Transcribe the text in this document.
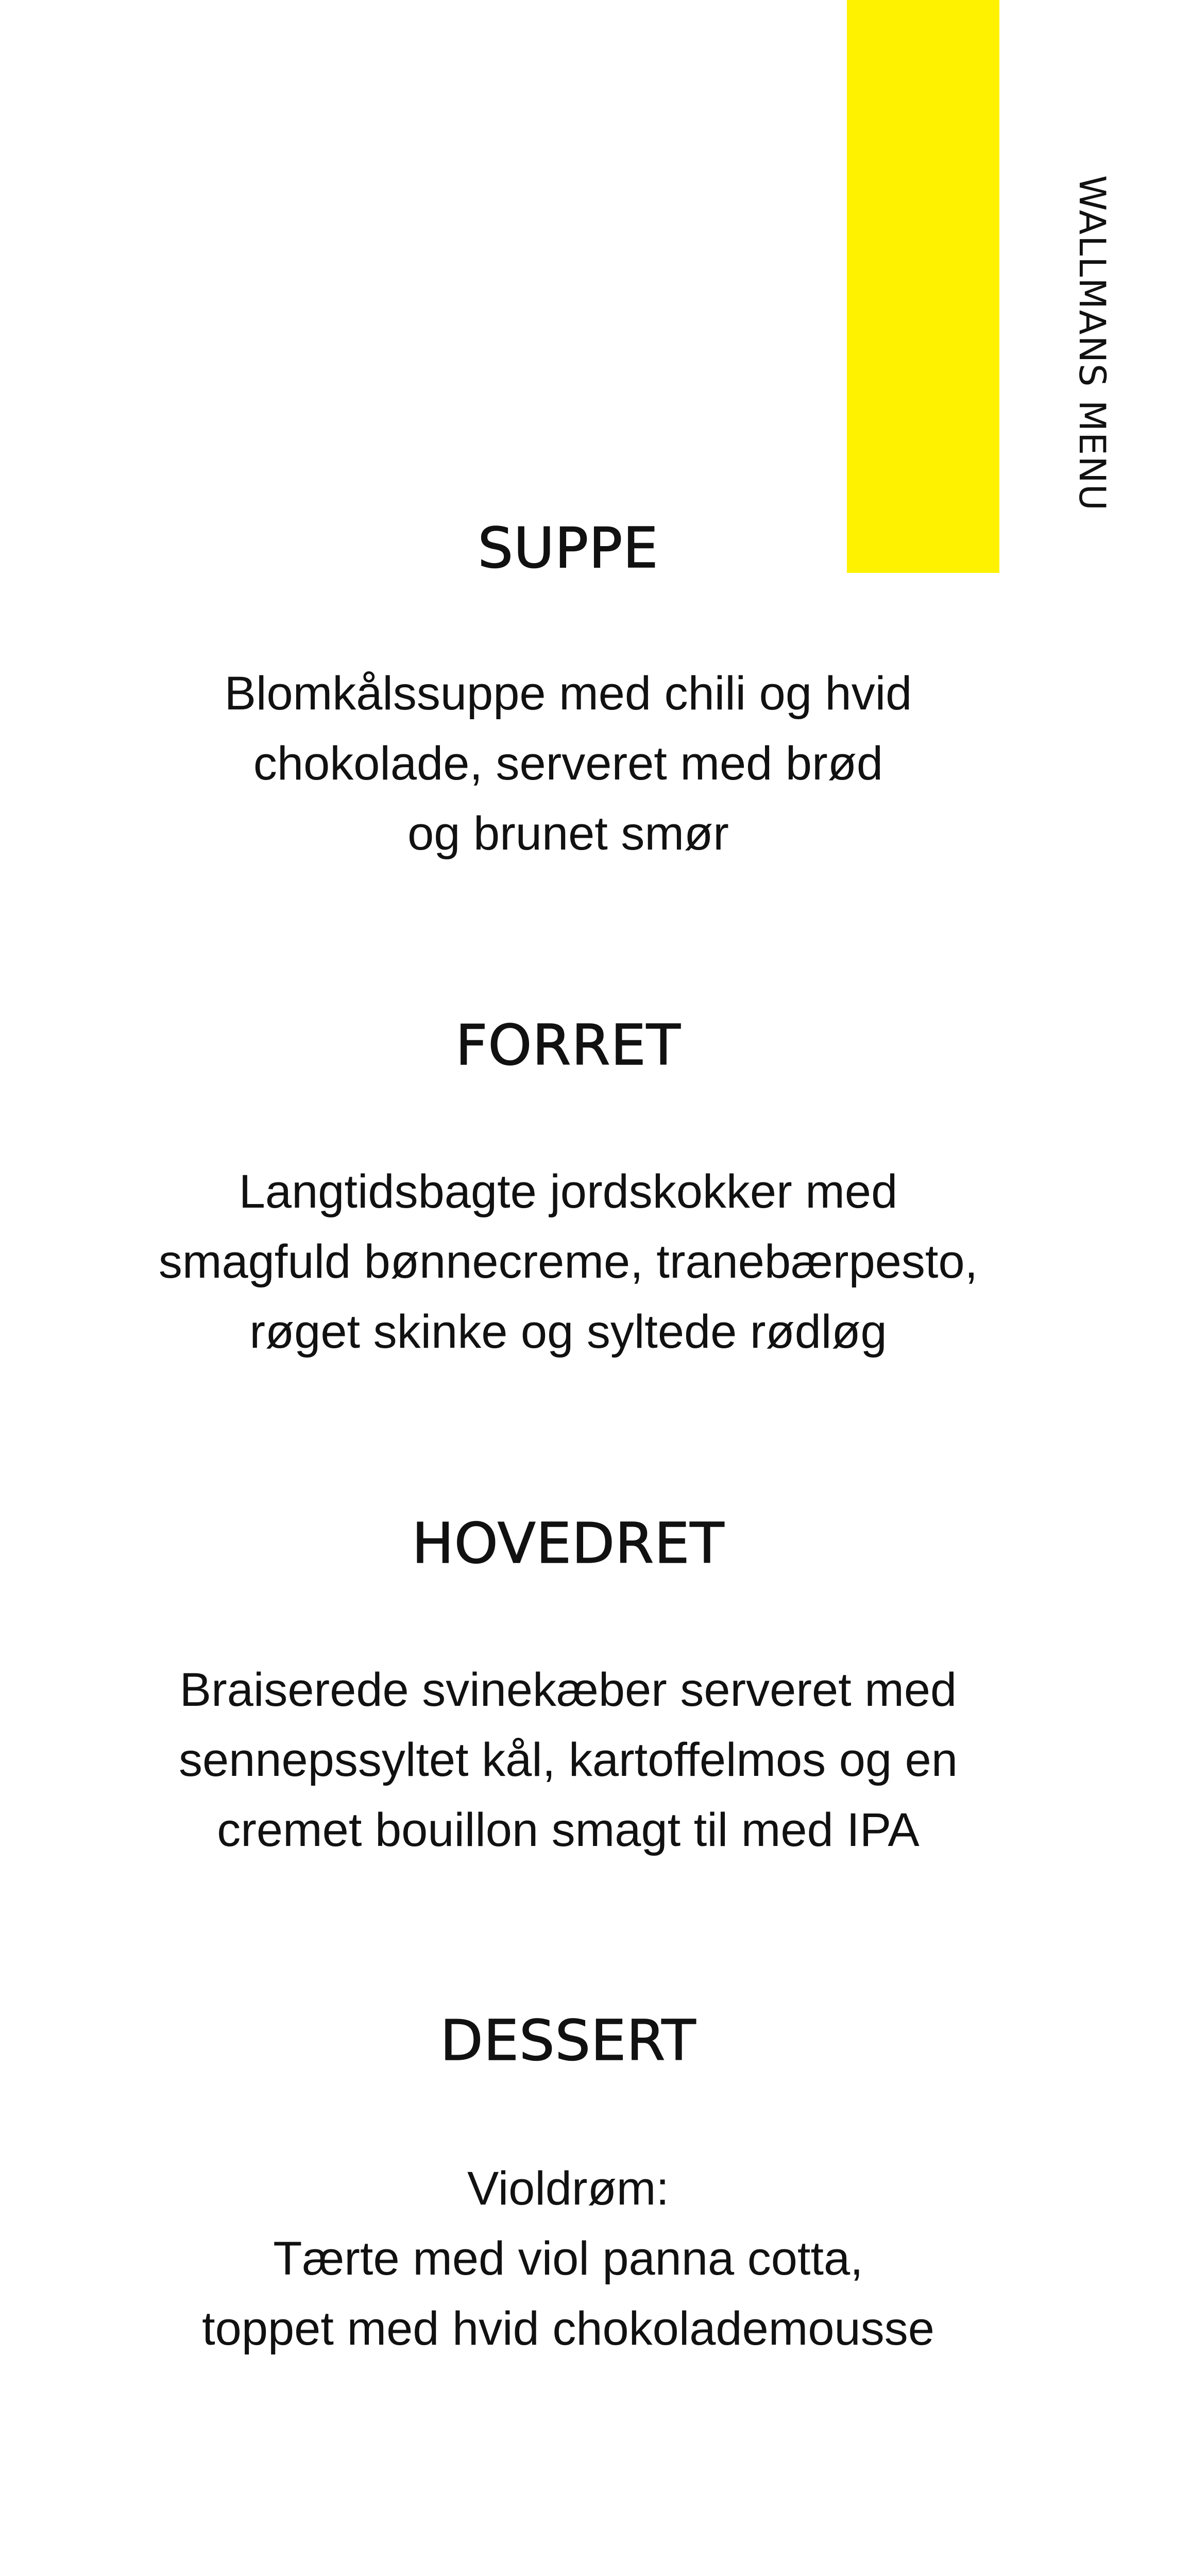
WALLMANS MENU
SUPPE

Blomkålssuppe med chili og hvid
chokolade, serveret med brød
og brunet smør

FORRET

Langtidsbagte jordskokker med
smagfuld bønnecreme, tranebærpesto,
røget skinke og syltede rødløg

HOVEDRET

Braiserede svinekæber serveret med
sennepssyltet kål, kartoffelmos og en
cremet bouillon smagt til med IPA

DESSERT

Violdrøm:
Tærte med viol panna cotta,
toppet med hvid chokolademousse
